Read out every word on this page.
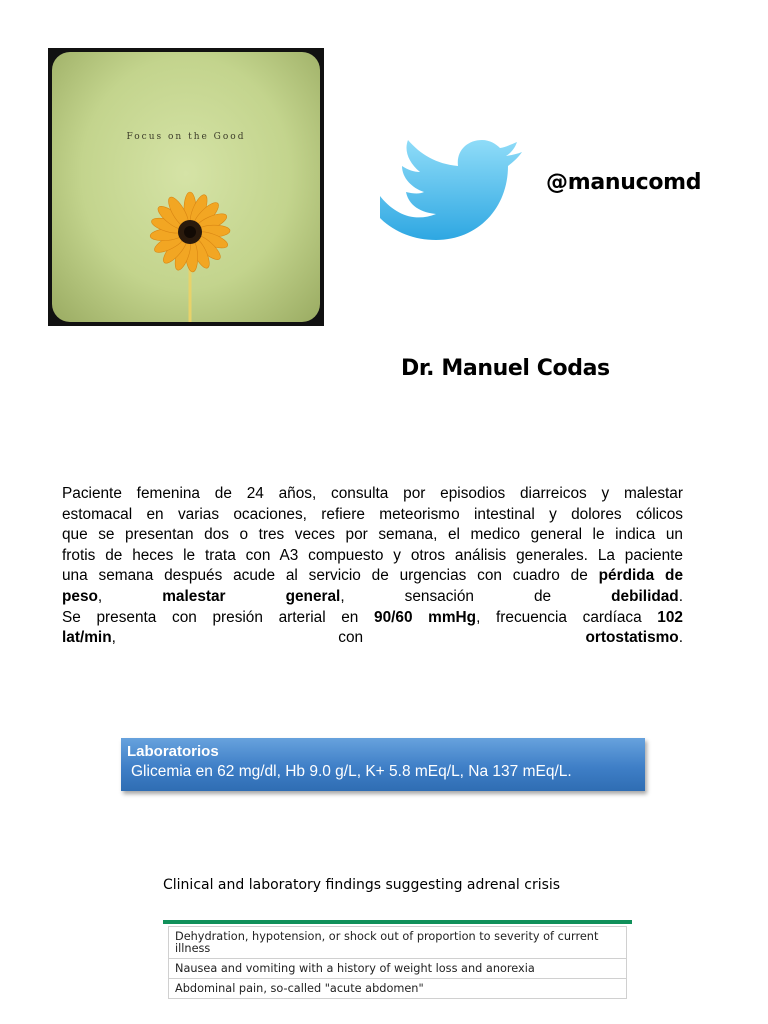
Focus on the Good
@manucomd
Dr. Manuel Codas
Paciente femenina de 24 años, consulta por episodios diarreicos y malestar
estomacal en varias ocaciones, refiere meteorismo intestinal y dolores cólicos
que se presentan dos o tres veces por semana, el medico general le indica un
frotis de heces le trata con A3 compuesto y otros análisis generales. La paciente
una semana después acude al servicio de urgencias con cuadro de pérdida de
peso, malestar general, sensación de debilidad.
Se presenta con presión arterial en 90/60 mmHg, frecuencia cardíaca 102
lat/min, con ortostatismo.
Laboratorios
Glicemia en 62 mg/dl, Hb 9.0 g/L, K+ 5.8 mEq/L, Na 137 mEq/L.
Clinical and laboratory findings suggesting adrenal crisis
Dehydration, hypotension, or shock out of proportion to severity of current illness
Nausea and vomiting with a history of weight loss and anorexia
Abdominal pain, so-called "acute abdomen"
